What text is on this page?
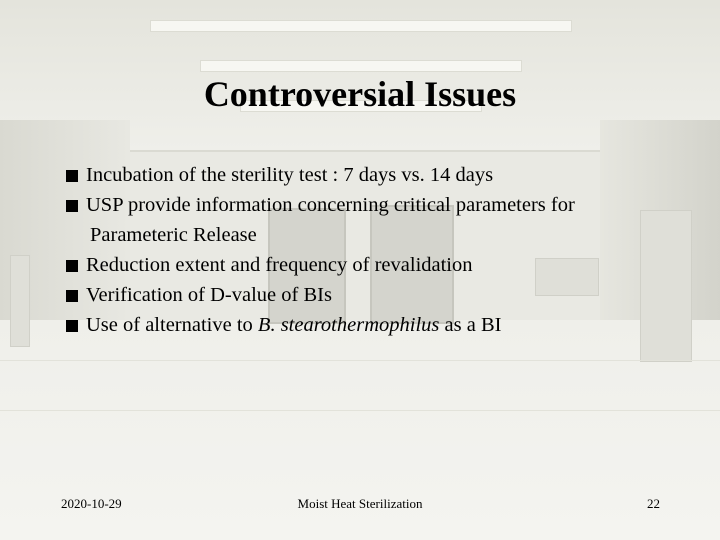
Controversial Issues
Incubation of the sterility test : 7 days vs. 14 days
USP provide information concerning critical parameters for
Parameteric Release
Reduction extent and frequency of revalidation
Verification of D-value of BIs
Use of alternative to B. stearothermophilus as a BI
2020-10-29	Moist Heat Sterilization	22
